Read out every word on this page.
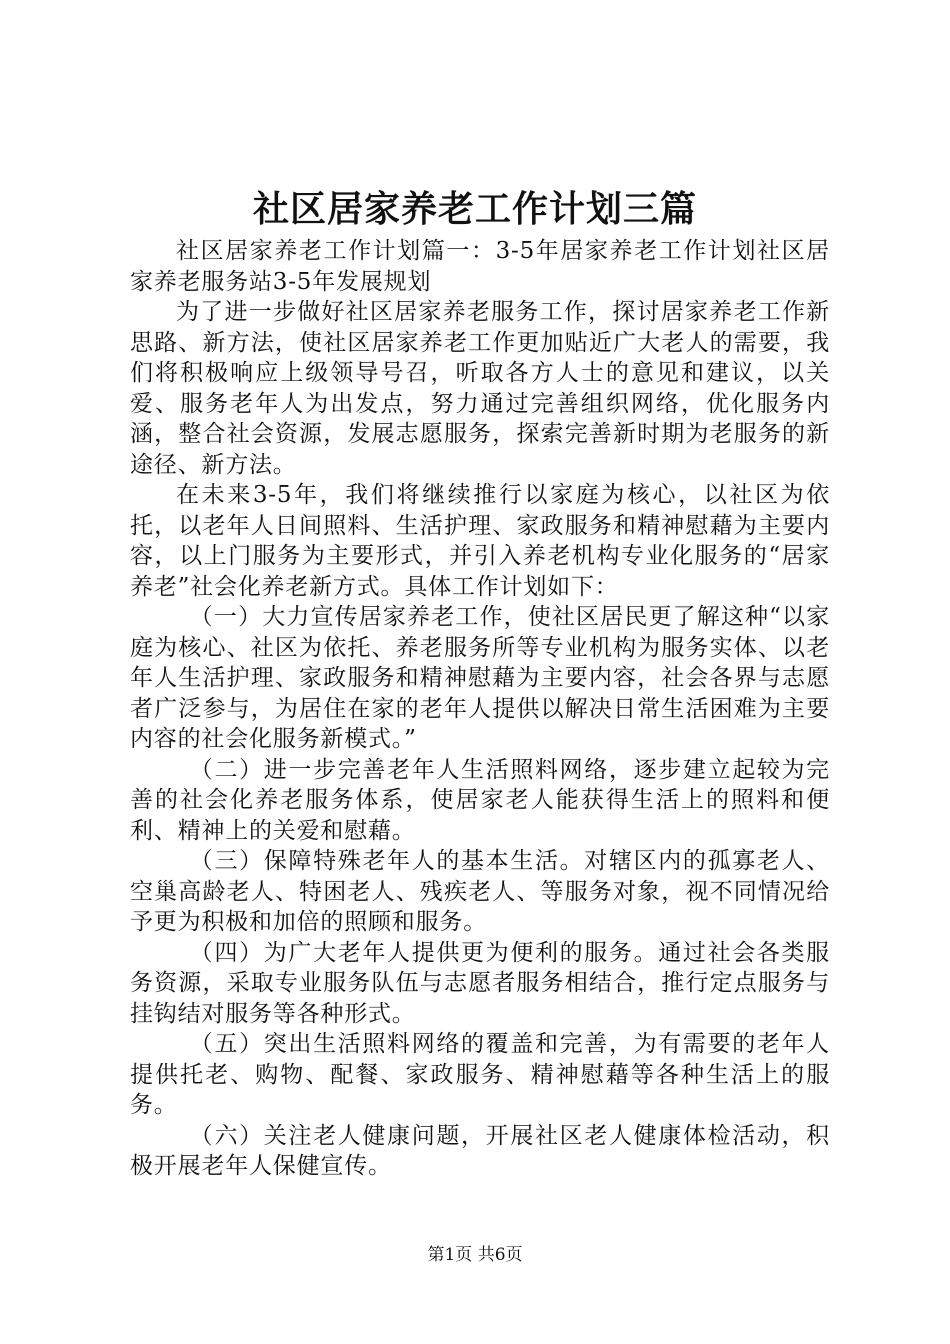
社区居家养老工作计划三篇

社区居家养老工作计划篇一：3-5年居家养老工作计划社区居家养老服务站3-5年发展规划

为了进一步做好社区居家养老服务工作，探讨居家养老工作新思路、新方法，使社区居家养老工作更加贴近广大老人的需要，我们将积极响应上级领导号召，听取各方人士的意见和建议，以关爱、服务老年人为出发点，努力通过完善组织网络，优化服务内涵，整合社会资源，发展志愿服务，探索完善新时期为老服务的新途径、新方法。

在未来3-5年，我们将继续推行以家庭为核心，以社区为依托，以老年人日间照料、生活护理、家政服务和精神慰藉为主要内容，以上门服务为主要形式，并引入养老机构专业化服务的“居家养老”社会化养老新方式。具体工作计划如下：

（一）大力宣传居家养老工作，使社区居民更了解这种“以家庭为核心、社区为依托、养老服务所等专业机构为服务实体、以老年人生活护理、家政服务和精神慰藉为主要内容，社会各界与志愿者广泛参与，为居住在家的老年人提供以解决日常生活困难为主要内容的社会化服务新模式。”

（二）进一步完善老年人生活照料网络，逐步建立起较为完善的社会化养老服务体系，使居家老人能获得生活上的照料和便利、精神上的关爱和慰藉。

（三）保障特殊老年人的基本生活。对辖区内的孤寡老人、空巢高龄老人、特困老人、残疾老人、等服务对象，视不同情况给予更为积极和加倍的照顾和服务。

（四）为广大老年人提供更为便利的服务。通过社会各类服务资源，采取专业服务队伍与志愿者服务相结合，推行定点服务与挂钩结对服务等各种形式。

（五）突出生活照料网络的覆盖和完善，为有需要的老年人提供托老、购物、配餐、家政服务、精神慰藉等各种生活上的服务。

（六）关注老人健康问题，开展社区老人健康体检活动，积极开展老年人保健宣传。

第1页 共6页
